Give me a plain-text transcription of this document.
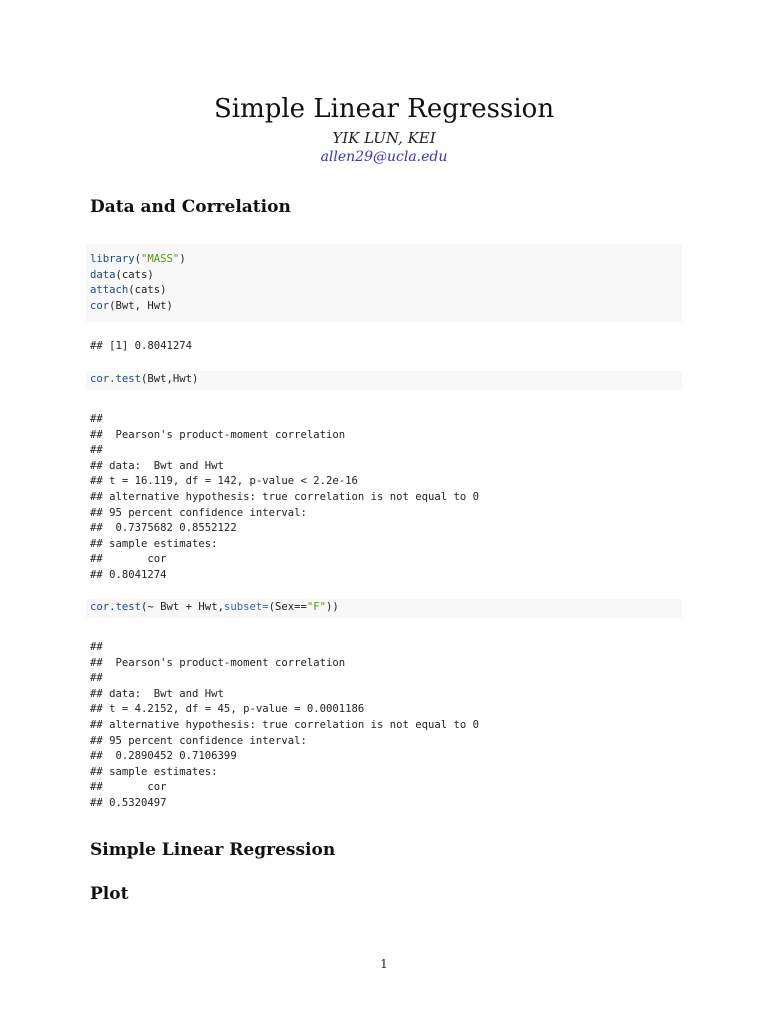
Simple Linear Regression
YIK LUN, KEI
allen29@ucla.edu
Data and Correlation
library("MASS")
data(cats)
attach(cats)
cor(Bwt, Hwt)
## [1] 0.8041274
cor.test(Bwt,Hwt)
##
##  Pearson's product-moment correlation
##
## data:  Bwt and Hwt
## t = 16.119, df = 142, p-value < 2.2e-16
## alternative hypothesis: true correlation is not equal to 0
## 95 percent confidence interval:
##  0.7375682 0.8552122
## sample estimates:
##       cor
## 0.8041274
cor.test(~ Bwt + Hwt,subset=(Sex=="F"))
##
##  Pearson's product-moment correlation
##
## data:  Bwt and Hwt
## t = 4.2152, df = 45, p-value = 0.0001186
## alternative hypothesis: true correlation is not equal to 0
## 95 percent confidence interval:
##  0.2890452 0.7106399
## sample estimates:
##       cor
## 0.5320497
Simple Linear Regression
Plot
1
